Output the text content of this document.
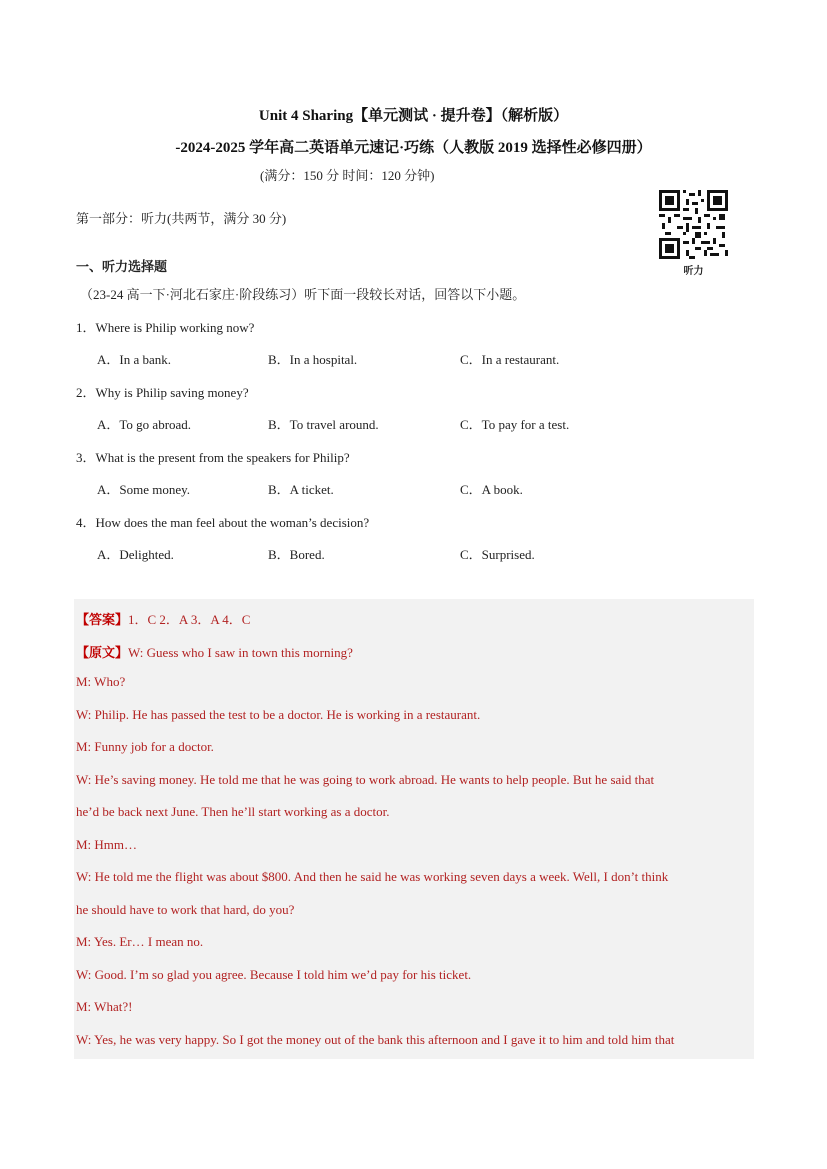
Unit 4 Sharing【单元测试 · 提升卷】（解析版）
-2024-2025 学年高二英语单元速记·巧练（人教版 2019 选择性必修四册）
(满分：150 分 时间：120 分钟)
第一部分：听力(共两节，满分 30 分)
听力
一、听力选择题
（23-24 高一下·河北石家庄·阶段练习）听下面一段较长对话，回答以下小题。
1．Where is Philip working now?
A．In a bank.	B．In a hospital.	C．In a restaurant.
2．Why is Philip saving money?
A．To go abroad.	B．To travel around.	C．To pay for a test.
3．What is the present from the speakers for Philip?
A．Some money.	B．A ticket.	C．A book.
4．How does the man feel about the woman’s decision?
A．Delighted.	B．Bored.	C．Surprised.
【答案】1．C 2．A 3．A 4．C
【原文】W: Guess who I saw in town this morning?
M: Who?
W: Philip. He has passed the test to be a doctor. He is working in a restaurant.
M: Funny job for a doctor.
W: He’s saving money. He told me that he was going to work abroad. He wants to help people. But he said that
he’d be back next June. Then he’ll start working as a doctor.
M: Hmm…
W: He told me the flight was about $800. And then he said he was working seven days a week. Well, I don’t think
he should have to work that hard, do you?
M: Yes. Er… I mean no.
W: Good. I’m so glad you agree. Because I told him we’d pay for his ticket.
M: What?!
W: Yes, he was very happy. So I got the money out of the bank this afternoon and I gave it to him and told him that
